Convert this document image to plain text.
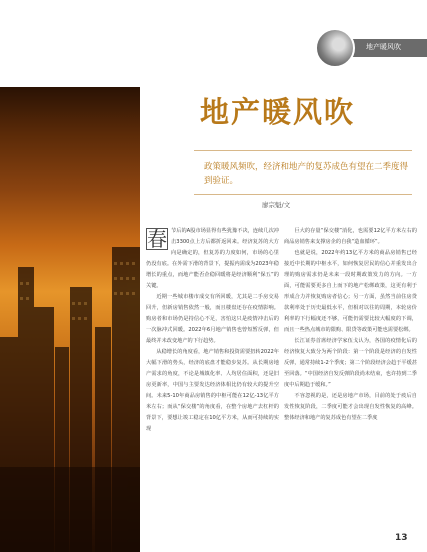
地产暖风吹
地产暖风吹
政策暖风频吹，经济和地产的复苏成色有望在二季度得到验证。
廖宗魁/文

春 节后的A股市场显得有些犹豫不决，连续几次冲击3300点上方后都折返回来。经济复苏的大方向是确定的，但复苏的力度如何，市场的心里仍没有底。在外需下滑的背景下，提振内需成为2023年稳增长的重点，而地产能否企稳回暖将是经济顺利“保五”的关键。

近期一些城市楼市成交有所回暖，尤其是二手房交易回升，但新房销售依然一般，而且楼盘还存在疫情影响。购房者和市场仍是持信心不足，害怕这只是疫情冲击后的一次脉冲式回暖。2022年6月地产销售也曾短暂反弹，但最终并未改变地产的下行趋势。

从稳增长的角度看，地产销售和投资需要扭转2022年大幅下滑的势头，经济的底盘才能稳步复苏。从长期房地产需求的角度，不论是城镇化率、人均居住面积，还是旧房更新率，中国与主要发达经济体相比仍有较大的提升空间。未来5-10年商品房销售的中枢可能在12亿-13亿平方米左右；而从“保交楼”的角度看，在整个房地产去杠杆的背景下，要想让竣工稳定在10亿平方米，从而可持续的实现

巨大的存量“保交楼”消化，也需要12亿平方米左右的商品房销售来支撑房企的自我“造血循环”。

也就是说，2022年约13亿平方米的商品房销售已经接近中长期的中枢水平，如何恢复居民的信心并重发出合理的购房需求仍是未来一段时期政策发力的方向。一方面，可能需要更多自上而下的地产松绑政策，这更有利于形成合力并恢复购房者信心；另一方面，虽然当前住房贷款利率处于历史最低水平，但相对以往的周期，本轮房价利率的下行幅度还不够，可能仍需要比较大幅度的下调，而且一些热点城市的限购、限贷等政策可能也需要松绑。

长江证券首席经济学家伍戈认为，各国的疫情化后的经济恢复大致分为两个阶段：第一个阶段是经济的自发性反弹，通常持续1-2个季度；第二个阶段经济会趋于平缓甚至回落。“中国经济自发反弹阶段尚未结束，也许持到二季度中后期趋于缓和。”

不容忽视的是，还是房地产市场，目前的处于疫后自发性恢复阶段，二季度可能才会出现自发性恢复的高峰。整体经济和地产的复苏成色有望在二季度

13
